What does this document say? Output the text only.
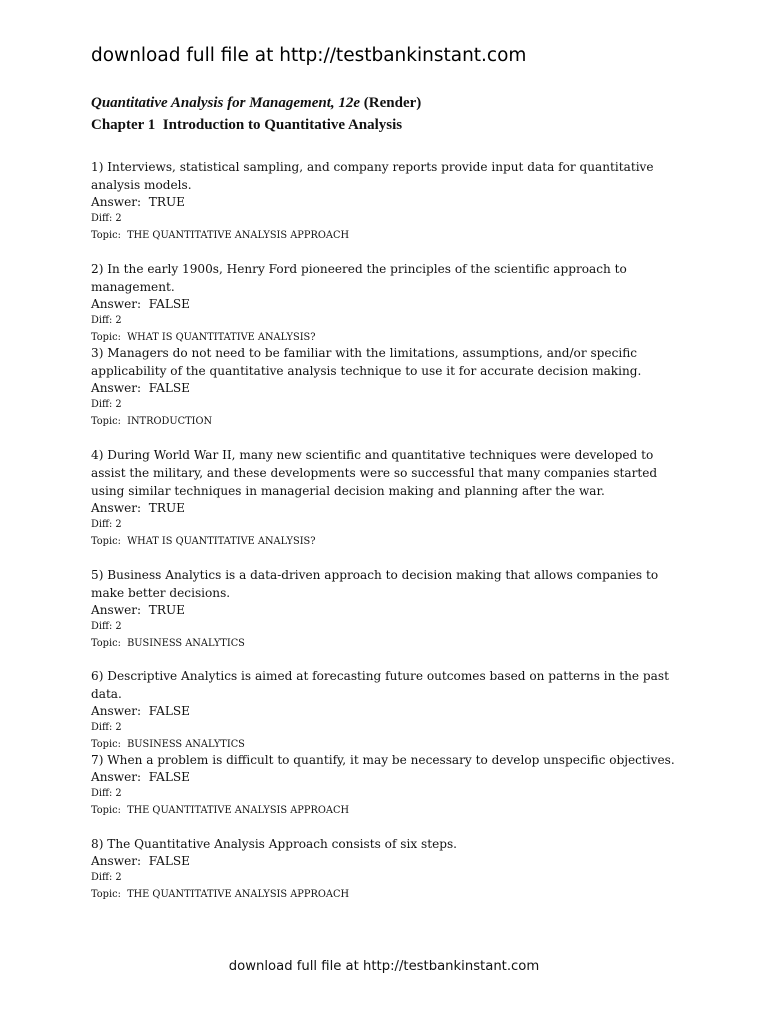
download full file at http://testbankinstant.com
Quantitative Analysis for Management, 12e (Render)
Chapter 1  Introduction to Quantitative Analysis

1) Interviews, statistical sampling, and company reports provide input data for quantitative analysis models.

Answer:  TRUE

Diff: 2

Topic:  THE QUANTITATIVE ANALYSIS APPROACH

2) In the early 1900s, Henry Ford pioneered the principles of the scientific approach to management.

Answer:  FALSE

Diff: 2

Topic:  WHAT IS QUANTITATIVE ANALYSIS?

3) Managers do not need to be familiar with the limitations, assumptions, and/or specific applicability of the quantitative analysis technique to use it for accurate decision making.

Answer:  FALSE

Diff: 2

Topic:  INTRODUCTION

4) During World War II, many new scientific and quantitative techniques were developed to assist the military, and these developments were so successful that many companies started using similar techniques in managerial decision making and planning after the war.

Answer:  TRUE

Diff: 2

Topic:  WHAT IS QUANTITATIVE ANALYSIS?

5) Business Analytics is a data-driven approach to decision making that allows companies to make better decisions.

Answer:  TRUE

Diff: 2

Topic:  BUSINESS ANALYTICS

6) Descriptive Analytics is aimed at forecasting future outcomes based on patterns in the past data.

Answer:  FALSE

Diff: 2

Topic:  BUSINESS ANALYTICS

7) When a problem is difficult to quantify, it may be necessary to develop unspecific objectives.

Answer:  FALSE

Diff: 2

Topic:  THE QUANTITATIVE ANALYSIS APPROACH

8) The Quantitative Analysis Approach consists of six steps.

Answer:  FALSE

Diff: 2

Topic:  THE QUANTITATIVE ANALYSIS APPROACH

download full file at http://testbankinstant.com
